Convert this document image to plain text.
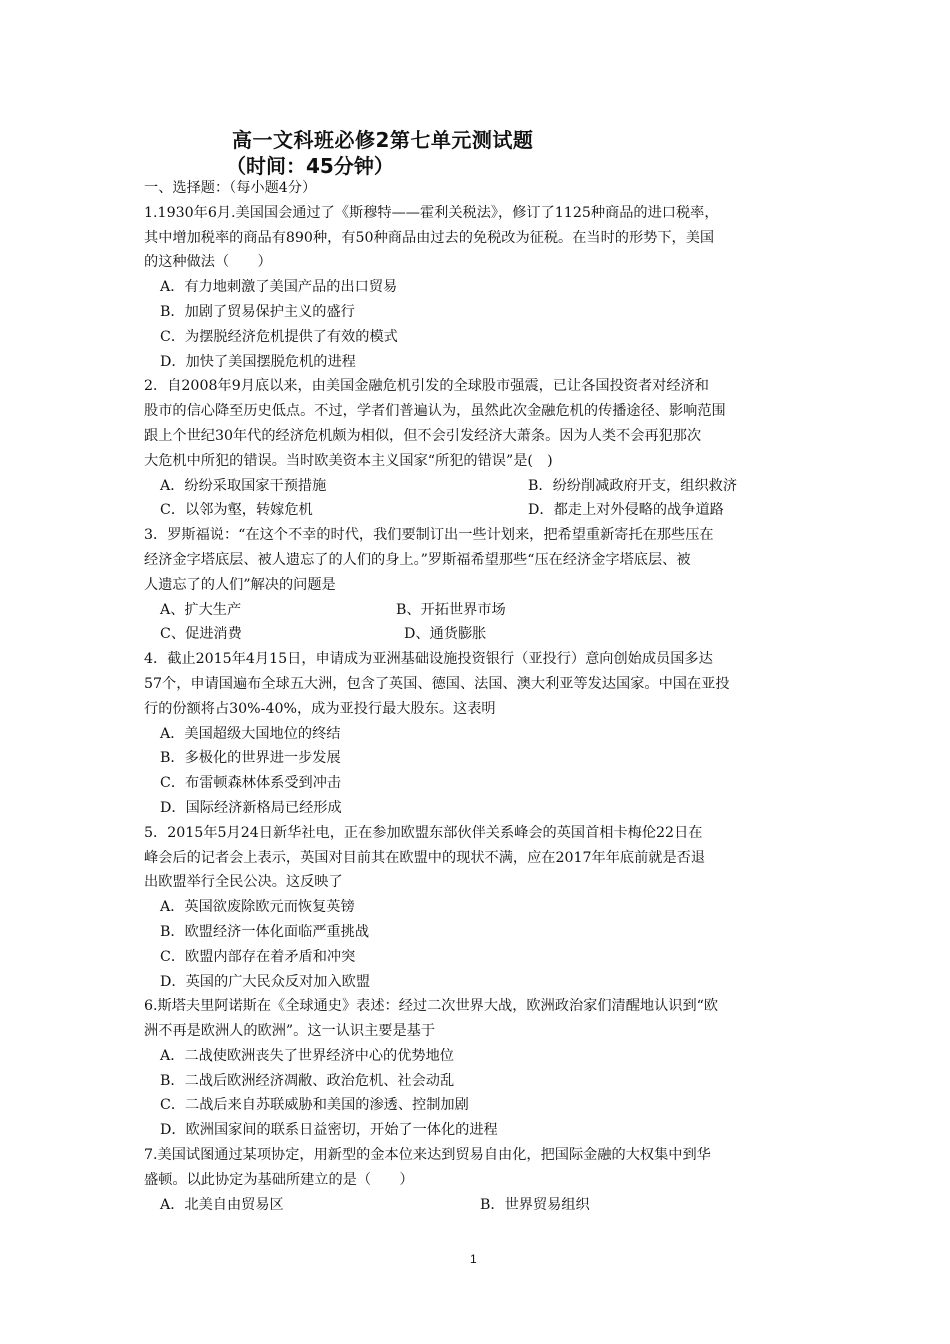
高一文科班必修2第七单元测试题
（时间：45分钟）
一、选择题：（每小题4分）
1.1930年6月.美国国会通过了《斯穆特——霍利关税法》，修订了1125种商品的进口税率，
其中增加税率的商品有890种，有50种商品由过去的免税改为征税。在当时的形势下，美国
的这种做法（　　）
A．有力地刺激了美国产品的出口贸易
B．加剧了贸易保护主义的盛行
C．为摆脱经济危机提供了有效的模式
D．加快了美国摆脱危机的进程
2．自2008年9月底以来，由美国金融危机引发的全球股市强震，已让各国投资者对经济和
股市的信心降至历史低点。不过，学者们普遍认为，虽然此次金融危机的传播途径、影响范围
跟上个世纪30年代的经济危机颇为相似，但不会引发经济大萧条。因为人类不会再犯那次
大危机中所犯的错误。当时欧美资本主义国家“所犯的错误”是(　)
A．纷纷采取国家干预措施	B．纷纷削减政府开支，组织救济
C．以邻为壑，转嫁危机	D．都走上对外侵略的战争道路
3．罗斯福说：“在这个不幸的时代，我们要制订出一些计划来，把希望重新寄托在那些压在
经济金字塔底层、被人遗忘了的人们的身上。”罗斯福希望那些“压在经济金字塔底层、被
人遗忘了的人们”解决的问题是
A、扩大生产	B、开拓世界市场
C、促进消费	D、通货膨胀
4．截止2015年4月15日，申请成为亚洲基础设施投资银行（亚投行）意向创始成员国多达
57个，申请国遍布全球五大洲，包含了英国、德国、法国、澳大利亚等发达国家。中国在亚投
行的份额将占30%-40%，成为亚投行最大股东。这表明
A．美国超级大国地位的终结
B．多极化的世界进一步发展
C．布雷顿森林体系受到冲击
D．国际经济新格局已经形成
5．2015年5月24日新华社电，正在参加欧盟东部伙伴关系峰会的英国首相卡梅伦22日在
峰会后的记者会上表示，英国对目前其在欧盟中的现状不满，应在2017年年底前就是否退
出欧盟举行全民公决。这反映了
A．英国欲废除欧元而恢复英镑
B．欧盟经济一体化面临严重挑战
C．欧盟内部存在着矛盾和冲突
D．英国的广大民众反对加入欧盟
6.斯塔夫里阿诺斯在《全球通史》表述：经过二次世界大战，欧洲政治家们清醒地认识到“欧
洲不再是欧洲人的欧洲”。这一认识主要是基于
A．二战使欧洲丧失了世界经济中心的优势地位
B．二战后欧洲经济凋敝、政治危机、社会动乱
C．二战后来自苏联威胁和美国的渗透、控制加剧
D．欧洲国家间的联系日益密切，开始了一体化的进程
7.美国试图通过某项协定，用新型的金本位来达到贸易自由化，把国际金融的大权集中到华
盛顿。以此协定为基础所建立的是（　　）
A．北美自由贸易区	B．世界贸易组织
1
